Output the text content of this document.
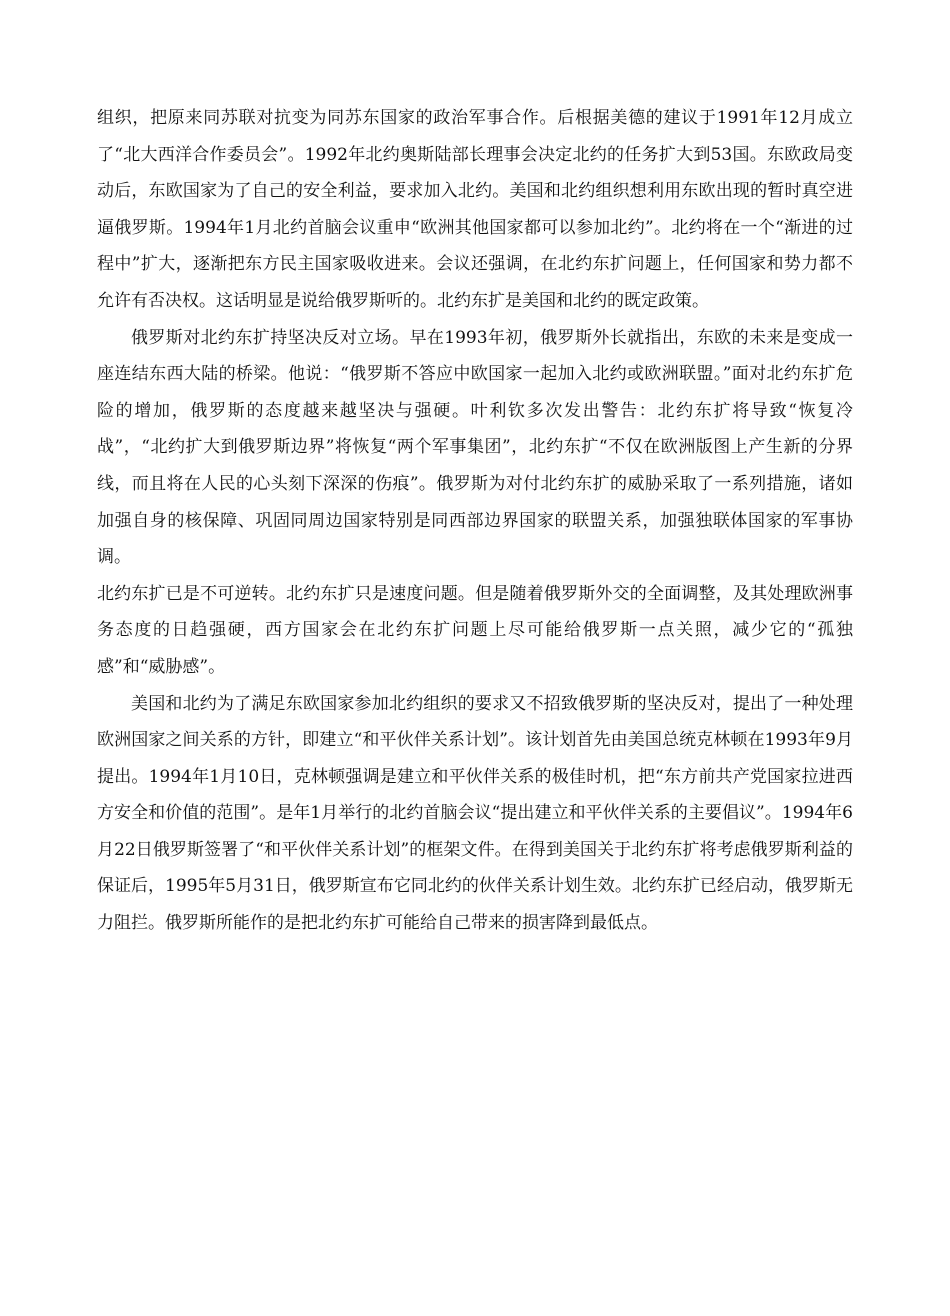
组织，把原来同苏联对抗变为同苏东国家的政治军事合作。后根据美德的建议于1991年12月成立了“北大西洋合作委员会”。1992年北约奥斯陆部长理事会决定北约的任务扩大到53国。东欧政局变动后，东欧国家为了自己的安全利益，要求加入北约。美国和北约组织想利用东欧出现的暂时真空进逼俄罗斯。1994年1月北约首脑会议重申“欧洲其他国家都可以参加北约”。北约将在一个“渐进的过程中”扩大，逐渐把东方民主国家吸收进来。会议还强调，在北约东扩问题上，任何国家和势力都不允许有否决权。这话明显是说给俄罗斯听的。北约东扩是美国和北约的既定政策。

俄罗斯对北约东扩持坚决反对立场。早在1993年初，俄罗斯外长就指出，东欧的未来是变成一座连结东西大陆的桥梁。他说：“俄罗斯不答应中欧国家一起加入北约或欧洲联盟。”面对北约东扩危险的增加，俄罗斯的态度越来越坚决与强硬。叶利钦多次发出警告：北约东扩将导致“恢复冷战”，“北约扩大到俄罗斯边界”将恢复“两个军事集团”，北约东扩“不仅在欧洲版图上产生新的分界线，而且将在人民的心头刻下深深的伤痕”。俄罗斯为对付北约东扩的威胁采取了一系列措施，诸如加强自身的核保障、巩固同周边国家特别是同西部边界国家的联盟关系，加强独联体国家的军事协调。

北约东扩已是不可逆转。北约东扩只是速度问题。但是随着俄罗斯外交的全面调整，及其处理欧洲事务态度的日趋强硬，西方国家会在北约东扩问题上尽可能给俄罗斯一点关照，减少它的“孤独感”和“威胁感”。

美国和北约为了满足东欧国家参加北约组织的要求又不招致俄罗斯的坚决反对，提出了一种处理欧洲国家之间关系的方针，即建立“和平伙伴关系计划”。该计划首先由美国总统克林顿在1993年9月提出。1994年1月10日，克林顿强调是建立和平伙伴关系的极佳时机，把“东方前共产党国家拉进西方安全和价值的范围”。是年1月举行的北约首脑会议“提出建立和平伙伴关系的主要倡议”。1994年6月22日俄罗斯签署了“和平伙伴关系计划”的框架文件。在得到美国关于北约东扩将考虑俄罗斯利益的保证后，1995年5月31日，俄罗斯宣布它同北约的伙伴关系计划生效。北约东扩已经启动，俄罗斯无力阻拦。俄罗斯所能作的是把北约东扩可能给自己带来的损害降到最低点。
